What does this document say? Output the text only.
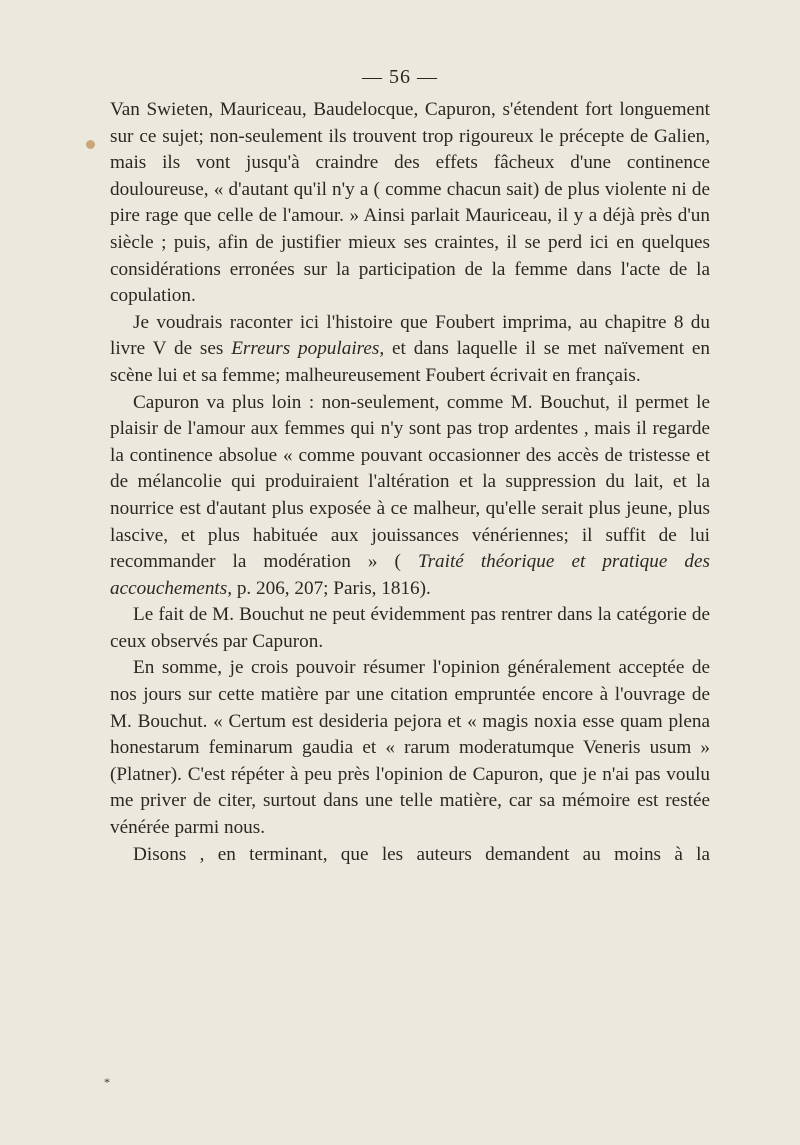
— 56 —

Van Swieten, Mauriceau, Baudelocque, Capuron, s'étendent fort longuement sur ce sujet; non-seulement ils trouvent trop rigoureux le précepte de Galien, mais ils vont jusqu'à craindre des effets fâcheux d'une continence douloureuse, « d'autant qu'il n'y a ( comme chacun sait) de plus violente ni de pire rage que celle de l'amour. » Ainsi parlait Mauriceau, il y a déjà près d'un siècle ; puis, afin de justifier mieux ses craintes, il se perd ici en quelques considérations erronées sur la participation de la femme dans l'acte de la copulation.

Je voudrais raconter ici l'histoire que Foubert imprima, au chapitre 8 du livre V de ses Erreurs populaires, et dans laquelle il se met naïvement en scène lui et sa femme; malheureusement Foubert écrivait en français.

Capuron va plus loin : non-seulement, comme M. Bouchut, il permet le plaisir de l'amour aux femmes qui n'y sont pas trop ardentes , mais il regarde la continence absolue « comme pouvant occasionner des accès de tristesse et de mélancolie qui produiraient l'altération et la suppression du lait, et la nourrice est d'autant plus exposée à ce malheur, qu'elle serait plus jeune, plus lascive, et plus habituée aux jouissances vénériennes; il suffit de lui recommander la modération » ( Traité théorique et pratique des accouchements, p. 206, 207; Paris, 1816).

Le fait de M. Bouchut ne peut évidemment pas rentrer dans la catégorie de ceux observés par Capuron.

En somme, je crois pouvoir résumer l'opinion généralement acceptée de nos jours sur cette matière par une citation empruntée encore à l'ouvrage de M. Bouchut. « Certum est desideria pejora et « magis noxia esse quam plena honestarum feminarum gaudia et « rarum moderatumque Veneris usum » (Platner). C'est répéter à peu près l'opinion de Capuron, que je n'ai pas voulu me priver de citer, surtout dans une telle matière, car sa mémoire est restée vénérée parmi nous.

Disons , en terminant, que les auteurs demandent au moins à la

*
